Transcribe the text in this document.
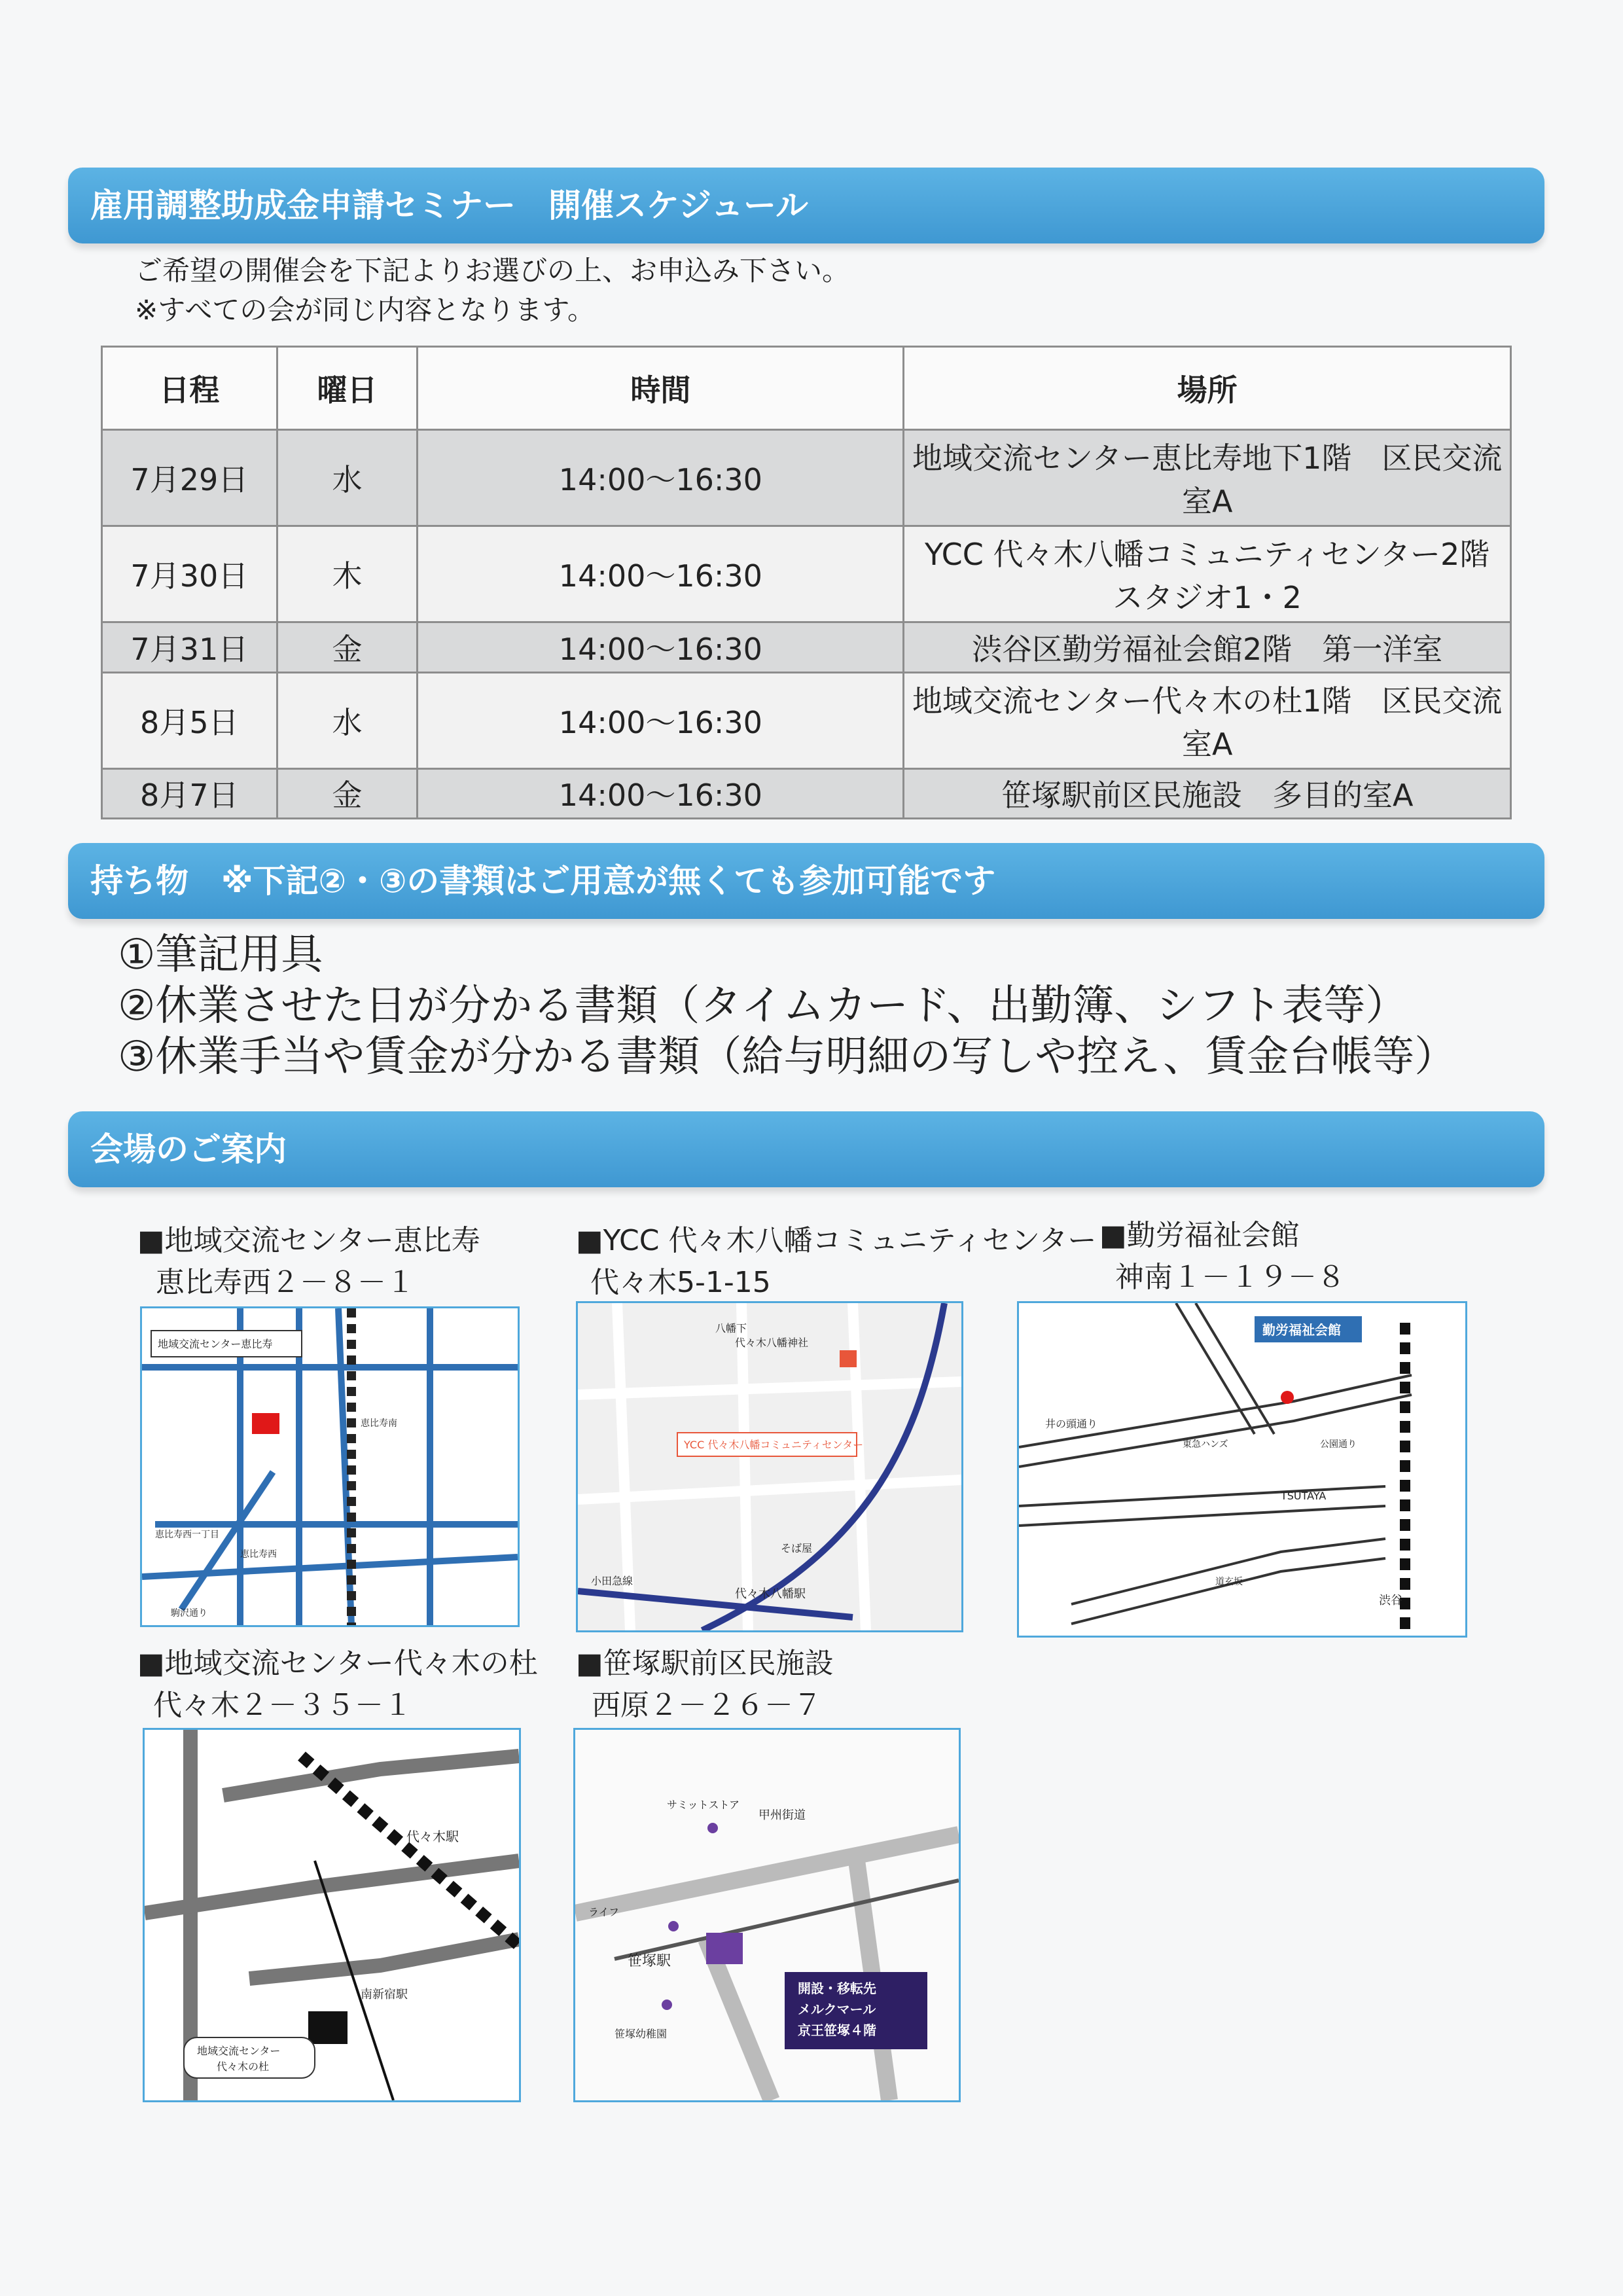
雇用調整助成金申請セミナー　開催スケジュール
ご希望の開催会を下記よりお選びの上、お申込み下さい。
※すべての会が同じ内容となります。
日程	曜日	時間	場所
7月29日	水	14:00～16:30	地域交流センター恵比寿地下1階　区民交流室A
7月30日	木	14:00～16:30	YCC 代々木八幡コミュニティセンター2階　スタジオ1・2
7月31日	金	14:00～16:30	渋谷区勤労福祉会館2階　第一洋室
8月5日	水	14:00～16:30	地域交流センター代々木の杜1階　区民交流室A
8月7日	金	14:00～16:30	笹塚駅前区民施設　多目的室A
持ち物　※下記②・③の書類はご用意が無くても参加可能です
①筆記用具
②休業させた日が分かる書類（タイムカード、出勤簿、シフト表等）
③休業手当や賃金が分かる書類（給与明細の写しや控え、賃金台帳等）
会場のご案内
■地域交流センター恵比寿
恵比寿西２－８－１
■YCC 代々木八幡コミュニティセンター
代々木5-1-15
■勤労福祉会館
神南１－１９－８
■地域交流センター代々木の杜
代々木２－３５－１
■笹塚駅前区民施設
西原２－２６－７
地域交流センター恵比寿
恵比寿西
駒沢通り
恵比寿南
恵比寿西一丁目
YCC 代々木八幡コミュニティセンター
八幡下
代々木八幡神社
そば屋
小田急線
代々木八幡駅
勤労福祉会館
井の頭通り
TSUTAYA
東急ハンズ	公園通り
渋谷
道玄坂
代々木駅
南新宿駅
地域交流センター
代々木の杜
サミットストア
甲州街道
ライフ
笹塚駅
笹塚幼稚園
開設・移転先
メルクマール
京王笹塚４階
